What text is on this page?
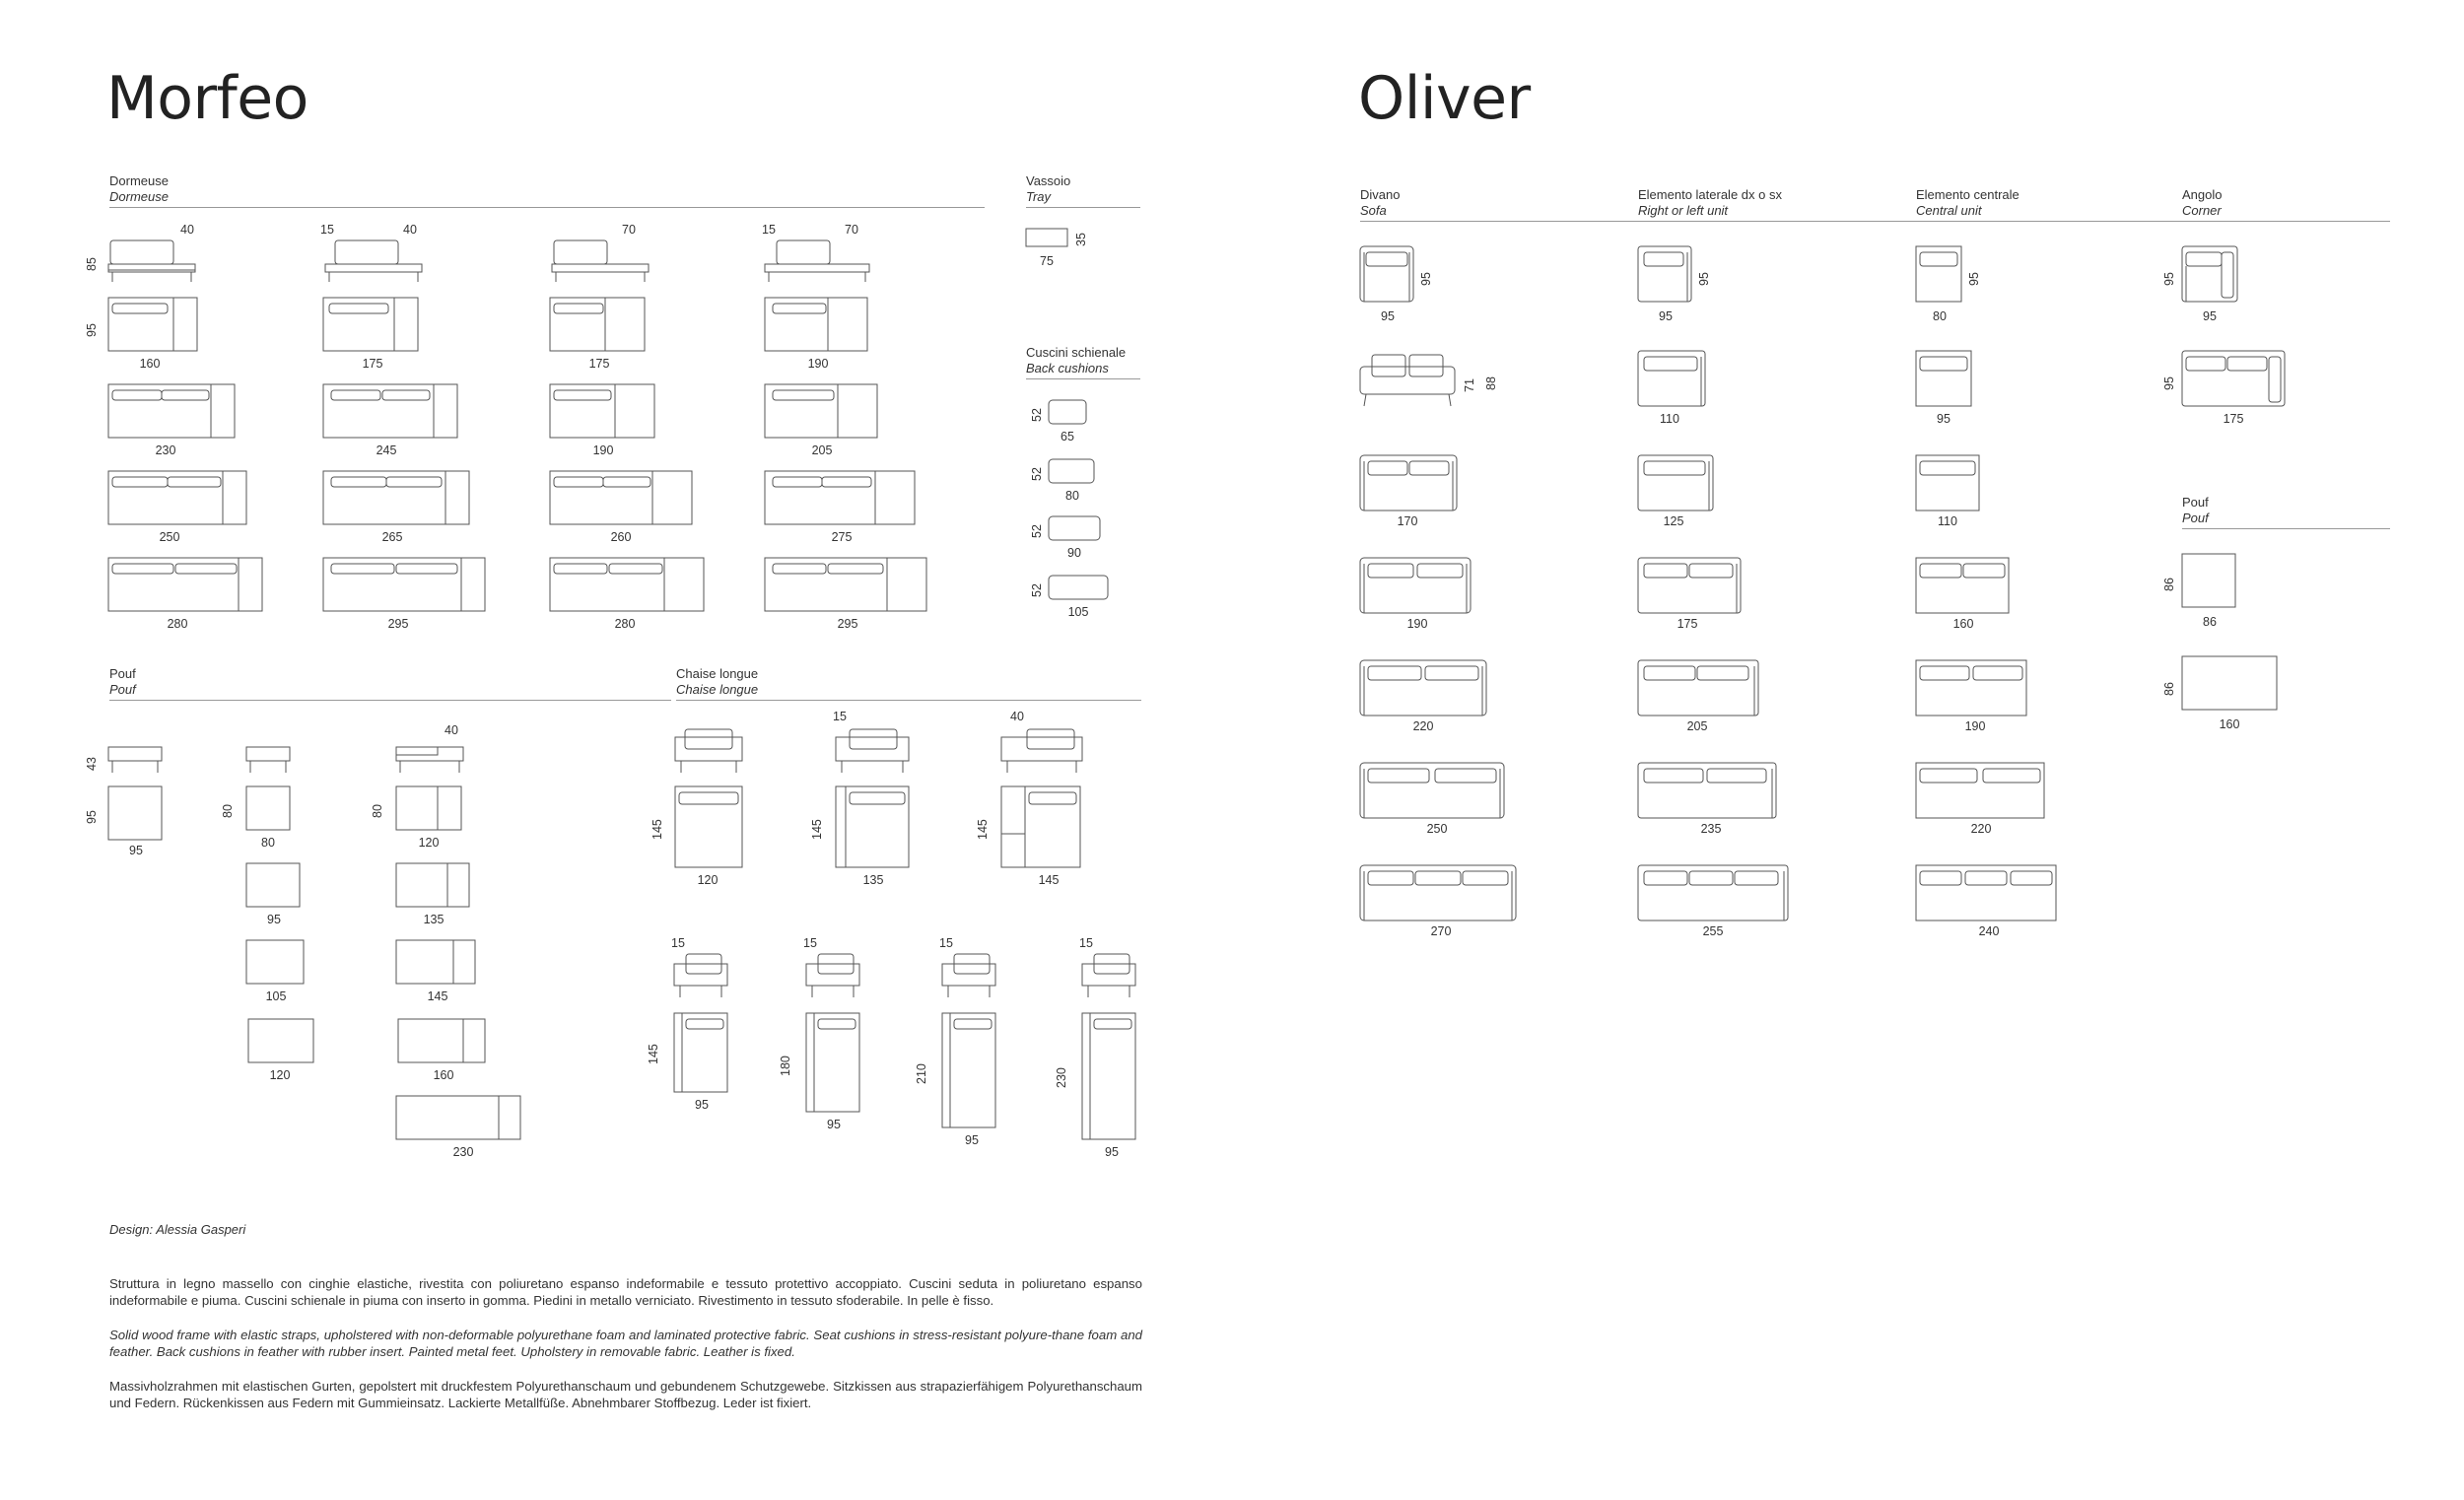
Morfeo
Dormeuse
Dormeuse
Vassoio
Tray
40	15	40	70	15	70
85
95
160	175	175	190
230	245	190	205
250	265	260	275
280	295	280	295
35
75
Cuscini schienale
Back cushions
52
65
52
80
52
90
52
105
Pouf
Pouf
43
95
95
80
80
40
80
120
95
105
120
135
145
160
230
Chaise longue
Chaise longue
145
120
15
145
135
40
145
145
15
145
95
15
180
95
15
210
95
15
230
95
Design: Alessia Gasperi
Struttura in legno massello con cinghie elastiche, rivestita con poliuretano espanso indeformabile e tessuto protettivo accoppiato. Cuscini seduta in poliuretano espanso indeformabile e piuma. Cuscini schienale in piuma con inserto in gomma. Piedini in metallo verniciato. Rivestimento in tessuto sfoderabile. In pelle è fisso.
Solid wood frame with elastic straps, upholstered with non-deformable polyurethane foam and laminated protective fabric. Seat cushions in stress-resistant polyure-thane foam and feather. Back cushions in feather with rubber insert. Painted metal feet. Upholstery in removable fabric. Leather is fixed.
Massivholzrahmen mit elastischen Gurten, gepolstert mit druckfestem Polyurethanschaum und gebundenem Schutzgewebe. Sitzkissen aus strapazierfähigem Polyurethanschaum und Federn. Rückenkissen aus Federn mit Gummieinsatz. Lackierte Metallfüße. Abnehmbarer Stoffbezug. Leder ist fixiert.
Oliver
Divano
Sofa
95
95
71 88
170
190
220
250
270
Elemento laterale dx o sx
Right or left unit
95
95
110
125
175
205
235
255
Elemento centrale
Central unit
95
80
95
110
160
190
220
240
Angolo
Corner
95
95
95
175
Pouf
Pouf
86
86
86
160
